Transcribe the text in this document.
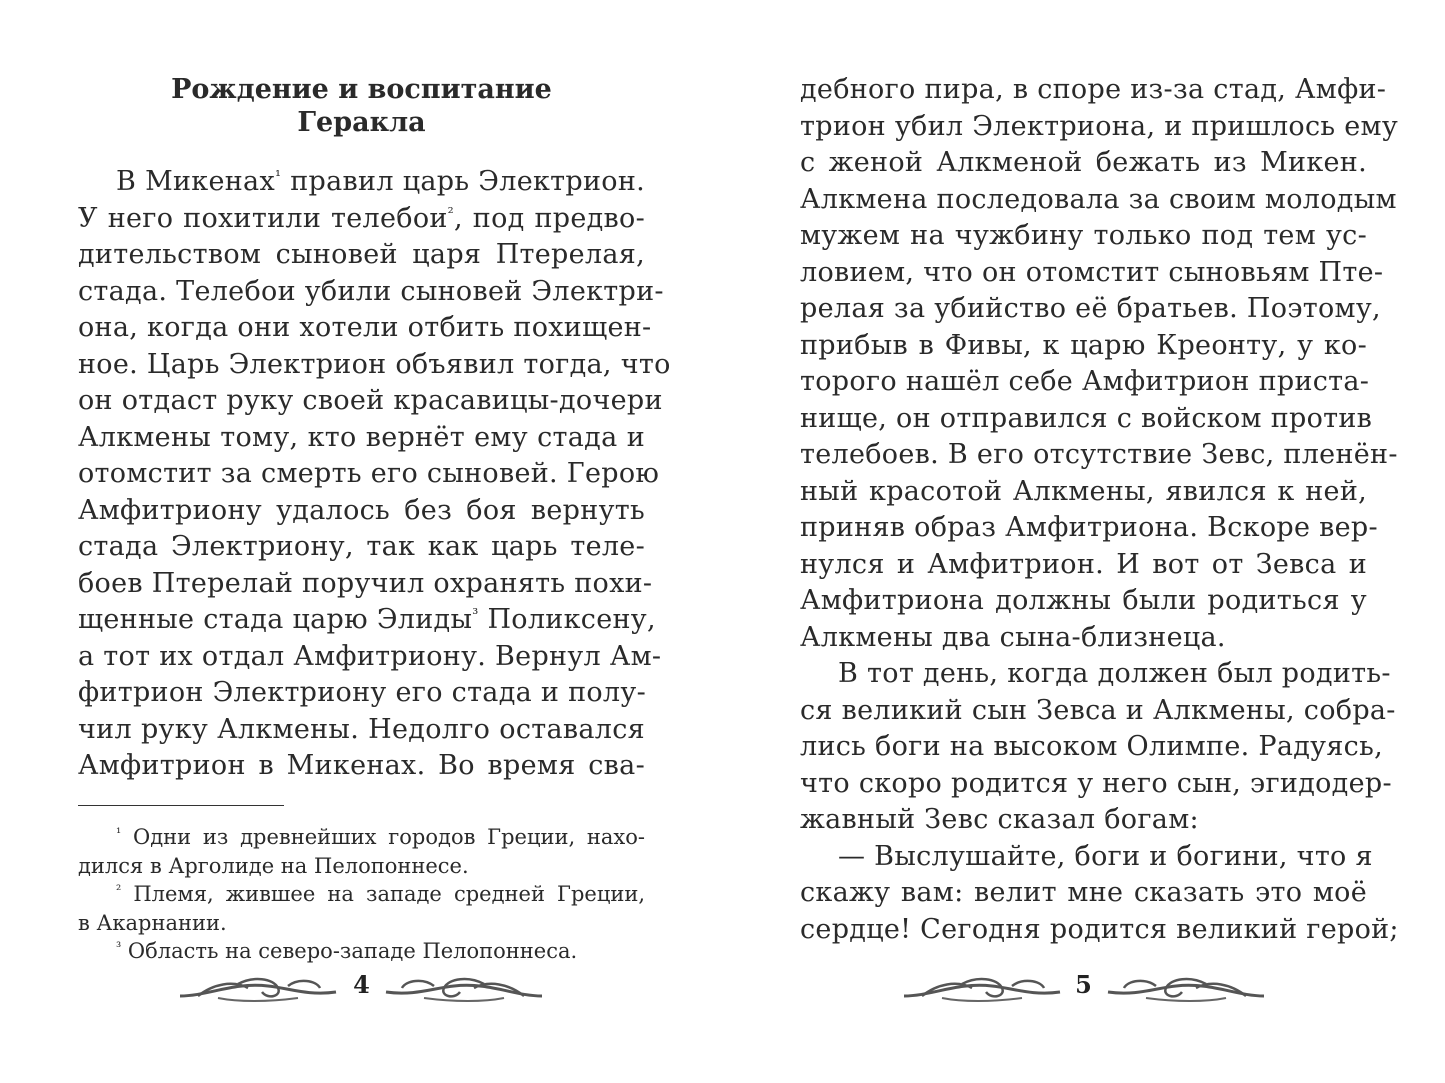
Рождение и воспитание
Геракла
В Микенах$^{^1}$ правил царь Электрион.
У него похитили телебои$^{^2}$, под предво-
дительством сыновей царя Птерелая,
стада. Телебои убили сыновей Электри-
она, когда они хотели отбить похищен-
ное. Царь Электрион объявил тогда, что
он отдаст руку своей красавицы-дочери
Алкмены тому, кто вернёт ему стада и
отомстит за смерть его сыновей. Герою
Амфитриону удалось без боя вернуть
стада Электриону, так как царь теле-
боев Птерелай поручил охранять похи-
щенные стада царю Элиды$^{^3}$ Поликсену,
а тот их отдал Амфитриону. Вернул Ам-
фитрион Электриону его стада и полу-
чил руку Алкмены. Недолго оставался
Амфитрион в Микенах. Во время сва-
$^{^1}$ Одни из древнейших городов Греции, нахо-
дился в Арголиде на Пелопоннесе.
$^{^2}$ Племя, жившее на западе средней Греции,
в Акарнании.
$^{^3}$ Область на северо-западе Пелопоннеса.
4
дебного пира, в споре из-за стад, Амфи-
трион убил Электриона, и пришлось ему
с женой Алкменой бежать из Микен.
Алкмена последовала за своим молодым
мужем на чужбину только под тем ус-
ловием, что он отомстит сыновьям Пте-
релая за убийство её братьев. Поэтому,
прибыв в Фивы, к царю Креонту, у ко-
торого нашёл себе Амфитрион приста-
нище, он отправился с войском против
телебоев. В его отсутствие Зевс, пленён-
ный красотой Алкмены, явился к ней,
приняв образ Амфитриона. Вскоре вер-
нулся и Амфитрион. И вот от Зевса и
Амфитриона должны были родиться у
Алкмены два сына-близнеца.
В тот день, когда должен был родить-
ся великий сын Зевса и Алкмены, собра-
лись боги на высоком Олимпе. Радуясь,
что скоро родится у него сын, эгидодер-
жавный Зевс сказал богам:
— Выслушайте, боги и богини, что я
скажу вам: велит мне сказать это моё
сердце! Сегодня родится великий герой;
5
